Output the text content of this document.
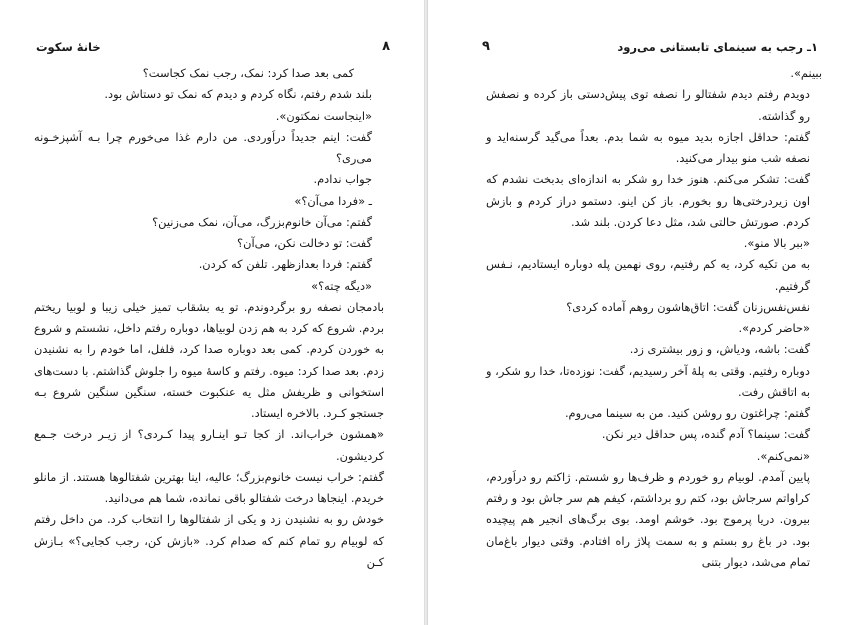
خانهٔ سکوت	۸

کمی بعد صدا کرد: نمک، رجب نمک کجاست؟

بلند شدم رفتم، نگاه کردم و دیدم که نمک تو دستاش بود.

«اینجاست نمکتون».

گفت: اینم جدیداً دراَوردی. من دارم غذا می‌خورم چرا بـه آشپزخـونه می‌ری؟

جواب ندادم.

ـ «فردا می‌آن؟»

گفتم: می‌آن خانوم‌بزرگ، می‌آن، نمک می‌زنین؟

گفت: تو دخالت نکن، می‌آن؟

گفتم: فردا بعدازظهر. تلفن که کردن.

«دیگه چته؟»

بادمجان نصفه رو برگردوندم. تو یه بشقاب تمیز خیلی زیبا و لوبیا ریختم بردم. شروع که کرد به هم زدن لوبیاها، دوباره رفتم داخل، نشستم و شروع به خوردن کردم. کمی بعد دوباره صدا کرد، فلفل، اما خودم را به نشنیدن زدم. بعد صدا کرد: میوه. رفتم و کاسهٔ میوه را جلوش گذاشتم. با دست‌های استخوانی و ظریفش مثل یه عنکبوت خسته، سنگین سنگین شروع بـه جستجو کـرد. بالاخره ایستاد.

«همشون خراب‌اند. از کجا تـو اینـارو پیدا کـردی؟ از زیـر درخت جـمع کردیشون.

گفتم: خراب نیست خانوم‌بزرگ؛ عالیه، اینا بهترین شفتالوها هستند. از مانلو خریدم. اینجاها درخت شفتالو باقی نمانده، شما هم می‌دانید.

خودش رو به نشنیدن زد و یکی از شفتالوها را انتخاب کرد. من داخل رفتم که لوبیام رو تمام کنم که صدام کرد. «بازش کن، رجب کجایی؟» بـازش کـن

۹	۱ـ رجب به سینمای تابستانی می‌رود

ببینم».

دویدم رفتم دیدم شفتالو را نصفه توی پیش‌دستی باز کرده و نصفش رو گذاشته.

گفتم: حداقل اجازه بدید میوه به شما بدم. بعداً می‌گید گرسنه‌اید و نصفه شب منو بیدار می‌کنید.

گفت: تشکر می‌کنم. هنوز خدا رو شکر به اندازه‌ای بدبخت نشدم که اون زیردرختی‌ها رو بخورم. باز کن اینو. دستمو دراز کردم و بازش کردم. صورتش حالتی شد، مثل دعا کردن. بلند شد.

«ببر بالا منو».

به من تکیه کرد، یه کم رفتیم، روی نهمین پله دوباره ایستادیم، نـفس گرفتیم.

نفس‌نفس‌زنان گفت: اتاق‌هاشون روهم آماده کردی؟

«حاضر کردم».

گفت: باشه، ودیاش، و زور بیشتری زد.

دوباره رفتیم. وقتی به پلهٔ آخر رسیدیم، گفت: نوزده‌تا، خدا رو شکر، و به اتاقش رفت.

گفتم: چراغتون رو روشن کنید. من به سینما می‌روم.

گفت: سینما؟ آدم گنده، پس حداقل دیر نکن.

«نمی‌کنم».

پایین آمدم. لوبیام رو خوردم و ظرف‌ها رو شستم. ژاکتم رو دراَوردم، کراواتم سرجاش بود، کتم رو برداشتم، کیفم هم سر جاش بود و رفتم بیرون. دریا پرموج بود. خوشم اومد. بوی برگ‌های انجیر هم پیچیده بود. در باغ رو بستم و به سمت پلاژ راه افتادم. وقتی دیوار باغ‌مان تمام می‌شد، دیوار بتنی
